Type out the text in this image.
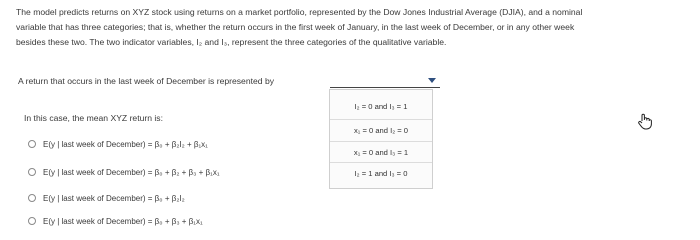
The model predicts returns on XYZ stock using returns on a market portfolio, represented by the Dow Jones Industrial Average (DJIA), and a nominal
variable that has three categories; that is, whether the return occurs in the first week of January, in the last week of December, or in any other week
besides these two. The two indicator variables, I₂ and I₃, represent the three categories of the qualitative variable.
A return that occurs in the last week of December is represented by
I₂ = 0 and I₃ = 1
x₁ = 0 and I₂ = 0
x₁ = 0 and I₃ = 1
I₂ = 1 and I₃ = 0
In this case, the mean XYZ return is:
E(y | last week of December) = β₀ + β₂I₂ + β₁x₁
E(y | last week of December) = β₀ + β₂ + β₃ + β₁x₁
E(y | last week of December) = β₀ + β₂I₂
E(y | last week of December) = β₀ + β₃ + β₁x₁
